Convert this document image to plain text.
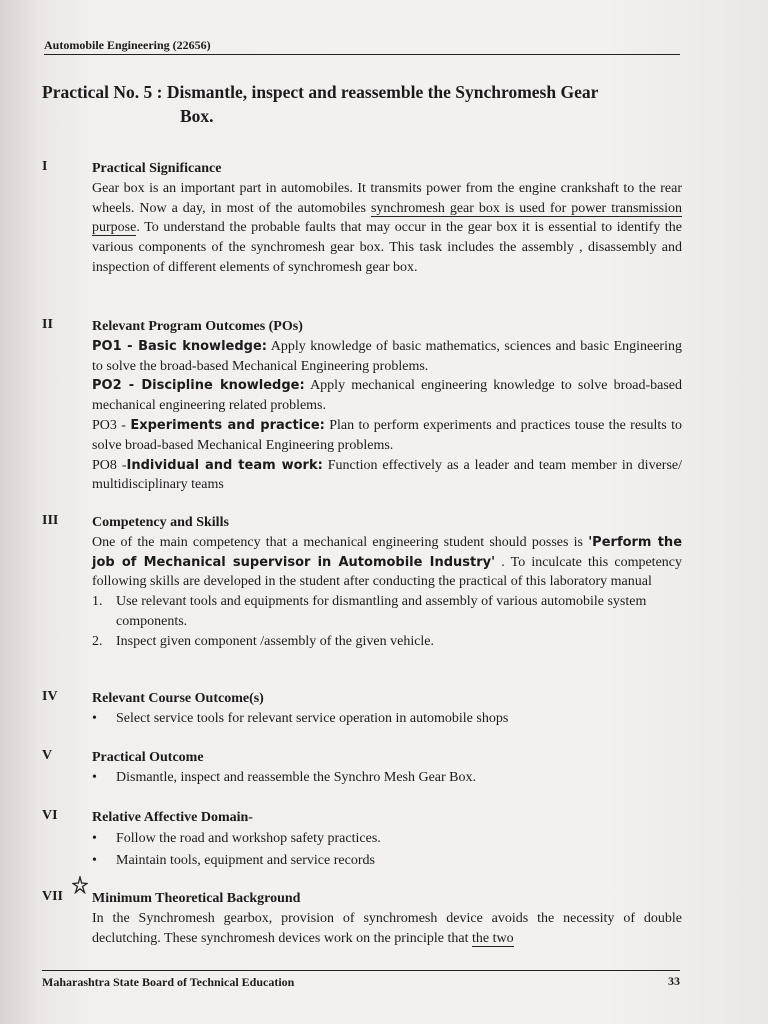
Automobile Engineering (22656)
Practical No. 5 : Dismantle, inspect and reassemble the Synchromesh Gear
Box.
I	Practical Significance
Gear box is an important part in automobiles. It transmits power from the engine crankshaft to the rear wheels. Now a day, in most of the automobiles synchromesh gear box is used for power transmission purpose. To understand the probable faults that may occur in the gear box it is essential to identify the various components of the synchromesh gear box. This task includes the assembly , disassembly and inspection of different elements of synchromesh gear box.
II	Relevant Program Outcomes (POs)
PO1 - Basic knowledge: Apply knowledge of basic mathematics, sciences and basic Engineering to solve the broad-based Mechanical Engineering problems.
PO2 - Discipline knowledge: Apply mechanical engineering knowledge to solve broad-based mechanical engineering related problems.
PO3 - Experiments and practice: Plan to perform experiments and practices touse the results to solve broad-based Mechanical Engineering problems.
PO8 -Individual and team work: Function effectively as a leader and team member in diverse/ multidisciplinary teams
III Competency and Skills
One of the main competency that a mechanical engineering student should posses is 'Perform the job of Mechanical supervisor in Automobile Industry' . To inculcate this competency following skills are developed in the student after conducting the practical of this laboratory manual
1. Use relevant tools and equipments for dismantling and assembly of various automobile system components.
2. Inspect given component /assembly of the given vehicle.
IV Relevant Course Outcome(s)
• Select service tools for relevant service operation in automobile shops
V	Practical Outcome
• Dismantle, inspect and reassemble the Synchro Mesh Gear Box.
VI Relative Affective Domain-
• Follow the road and workshop safety practices.
• Maintain tools, equipment and service records
VII Minimum Theoretical Background
In the Synchromesh gearbox, provision of synchromesh device avoids the necessity of double declutching. These synchromesh devices work on the principle that the two
Maharashtra State Board of Technical Education	33
